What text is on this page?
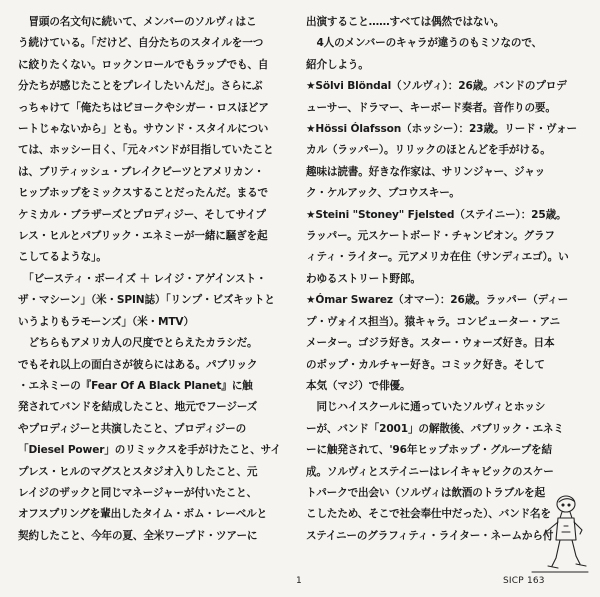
　冒頭の名文句に続いて、メンバーのソルヴィはこ

う続けている。「だけど、自分たちのスタイルを一つ

に絞りたくない。ロックンロールでもラップでも、自

分たちが感じたことをプレイしたいんだ」。さらにぶ

っちゃけて「俺たちはビヨークやシガー・ロスほどア

ートじゃないから」とも。サウンド・スタイルについ

ては、ホッシー日く、「元々バンドが目指していたこと

は、ブリティッシュ・ブレイクビーツとアメリカン・

ヒップホップをミックスすることだったんだ。まるで

ケミカル・ブラザーズとプロディジー、そしてサイプ

レス・ヒルとパブリック・エネミーが一緒に騒ぎを起

こしてるような」。

　「ビースティ・ボーイズ ＋ レイジ・アゲインスト・

ザ・マシーン」（米・SPIN誌）「リンプ・ビズキットと

いうよりもラモーンズ」（米・MTV）

　どちらもアメリカ人の尺度でとらえたカラシだ。

でもそれ以上の面白さが彼らにはある。パブリック

・エネミーの『Fear Of A Black Planet』に触

発されてバンドを結成したこと、地元でフージーズ

やプロディジーと共演したこと、プロディジーの

「Diesel Power」のリミックスを手がけたこと、サイ

プレス・ヒルのマグスとスタジオ入りしたこと、元

レイジのザックと同じマネージャーが付いたこと、

オフスプリングを輩出したタイム・ボム・レーベルと

契約したこと、今年の夏、全米ワープド・ツアーに

出演すること……すべては偶然ではない。

　4人のメンバーのキャラが違うのもミソなので、

紹介しよう。

★Sölvi Blöndal（ソルヴィ）：26歳。バンドのプロデ

ューサー、ドラマー、キーボード奏者。音作りの要。

★Hössi Ólafsson（ホッシー）：23歳。リード・ヴォー

カル（ラッパー）。リリックのほとんどを手がける。

趣味は読書。好きな作家は、サリンジャー、ジャッ

ク・ケルアック、ブコウスキー。

★Steini "Stoney" Fjelsted（ステイニー）：25歳。

ラッパー。元スケートボード・チャンピオン。グラフ

ィティ・ライター。元アメリカ在住（サンディエゴ）。い

わゆるストリート野郎。

★Ómar Swarez（オマー）：26歳。ラッパー（ディー

プ・ヴォイス担当）。猿キャラ。コンピューター・アニ

メーター。ゴジラ好き。スター・ウォーズ好き。日本

のポップ・カルチャー好き。コミック好き。そして

本気（マジ）で俳優。

　同じハイスクールに通っていたソルヴィとホッシ

ーが、バンド「2001」の解散後、パブリック・エネミ

ーに触発されて、'96年ヒップホップ・グループを結

成。ソルヴィとステイニーはレイキャビックのスケー

トパークで出会い（ソルヴィは飲酒のトラブルを起

こしたため、そこで社会奉仕中だった）、バンド名を

ステイニーのグラフィティ・ライター・ネームから付

1	SICP 163
